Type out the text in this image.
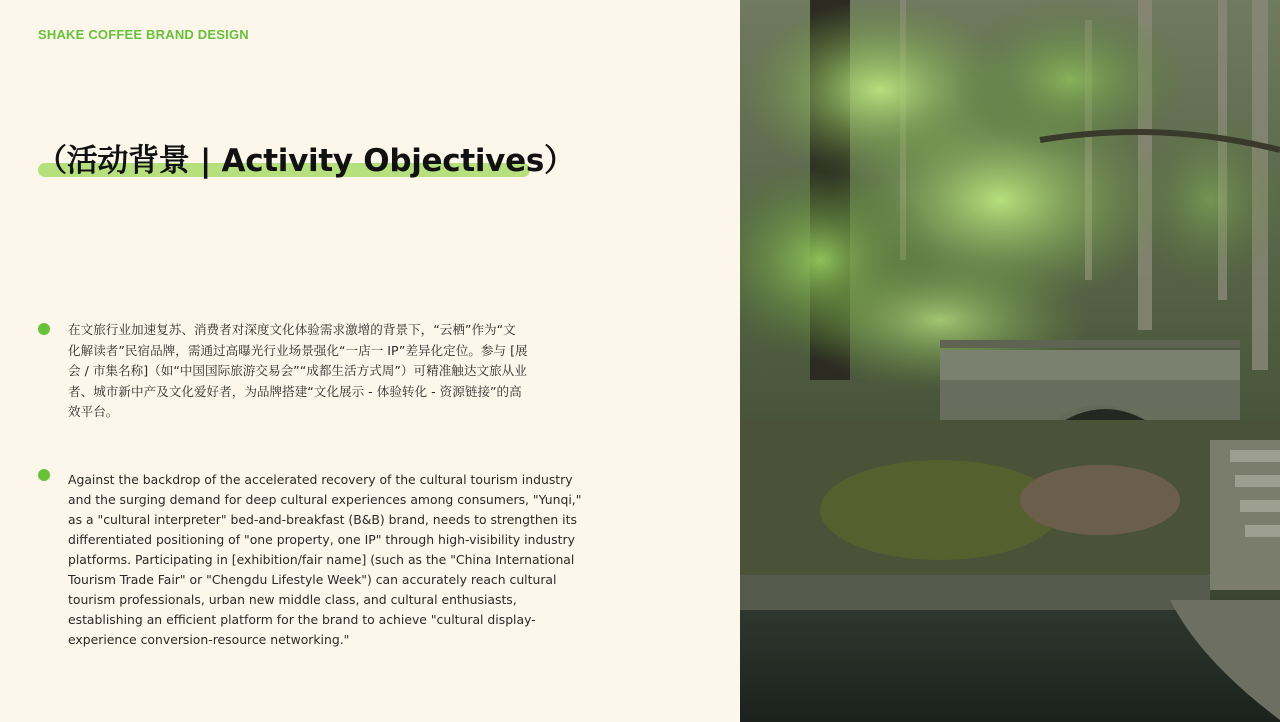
SHAKE COFFEE BRAND DESIGN
（活动背景 | Activity Objectives）
在文旅行业加速复苏、消费者对深度文化体验需求激增的背景下，“云栖”作为“文化解读者”民宿品牌，需通过高曝光行业场景强化“一店一 IP”差异化定位。参与 [展会 / 市集名称]（如“中国国际旅游交易会”“成都生活方式周”）可精准触达文旅从业者、城市新中产及文化爱好者，为品牌搭建“文化展示 - 体验转化 - 资源链接”的高效平台。
Against the backdrop of the accelerated recovery of the cultural tourism industry and the surging demand for deep cultural experiences among consumers, "Yunqi," as a "cultural interpreter" bed-and-breakfast (B&B) brand, needs to strengthen its differentiated positioning of "one property, one IP" through high-visibility industry platforms. Participating in [exhibition/fair name] (such as the "China International Tourism Trade Fair" or "Chengdu Lifestyle Week") can accurately reach cultural tourism professionals, urban new middle class, and cultural enthusiasts, establishing an efficient platform for the brand to achieve "cultural display-experience conversion-resource networking."
